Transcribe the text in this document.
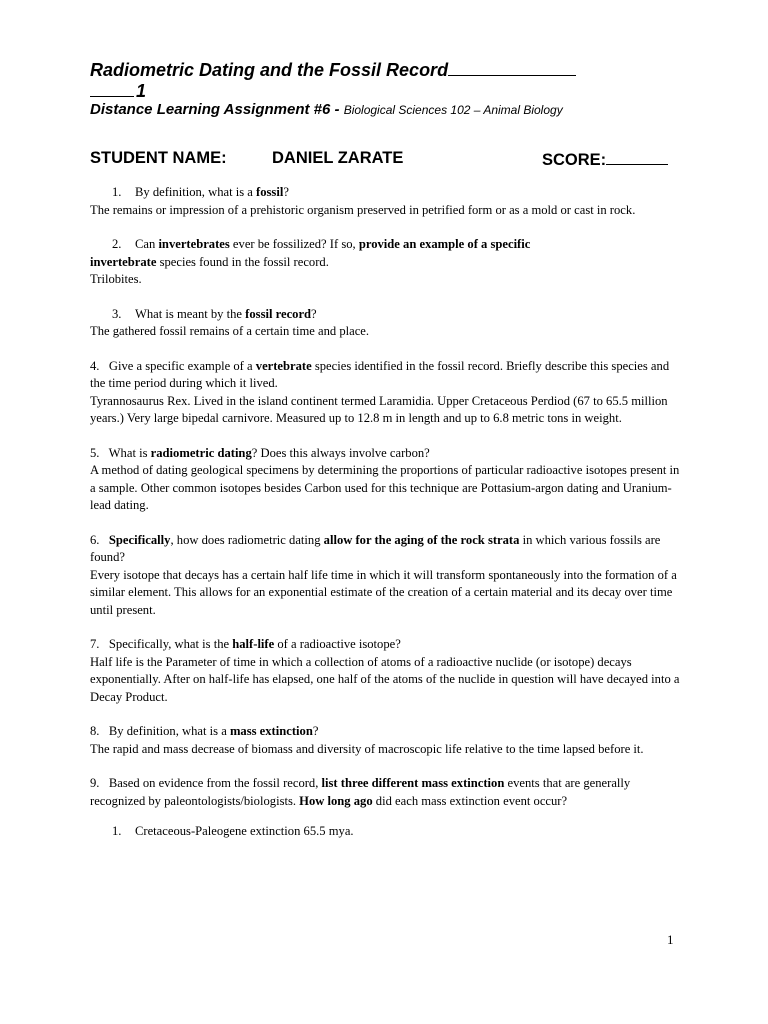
Radiometric Dating and the Fossil Record
1
Distance Learning Assignment #6 - Biological Sciences 102 – Animal Biology
STUDENT NAME:	DANIEL ZARATE	SCORE:

1. By definition, what is a fossil?

The remains or impression of a prehistoric organism preserved in petrified form or as a mold or cast in rock.

2. Can invertebrates ever be fossilized? If so, provide an example of a specific

invertebrate species found in the fossil record.

Trilobites.

3. What is meant by the fossil record?

The gathered fossil remains of a certain time and place.

4. Give a specific example of a vertebrate species identified in the fossil record. Briefly describe this species and the time period during which it lived.

Tyrannosaurus Rex. Lived in the island continent termed Laramidia. Upper Cretaceous Perdiod (67 to 65.5 million years.) Very large bipedal carnivore. Measured up to 12.8 m in length and up to 6.8 metric tons in weight.

5. What is radiometric dating? Does this always involve carbon?

A method of dating geological specimens by determining the proportions of particular radioactive isotopes present in a sample. Other common isotopes besides Carbon used for this technique are Pottasium-argon dating and Uranium-lead dating.

6. Specifically, how does radiometric dating allow for the aging of the rock strata in which various fossils are found?

Every isotope that decays has a certain half life time in which it will transform spontaneously into the formation of a similar element. This allows for an exponential estimate of the creation of a certain material and its decay over time until present.

7. Specifically, what is the half-life of a radioactive isotope?

Half life is the Parameter of time in which a collection of atoms of a radioactive nuclide (or isotope) decays exponentially. After on half-life has elapsed, one half of the atoms of the nuclide in question will have decayed into a Decay Product.

8. By definition, what is a mass extinction?

The rapid and mass decrease of biomass and diversity of macroscopic life relative to the time lapsed before it.

9. Based on evidence from the fossil record, list three different mass extinction events that are generally recognized by paleontologists/biologists. How long ago did each mass extinction event occur?

1. Cretaceous-Paleogene extinction 65.5 mya.

1
